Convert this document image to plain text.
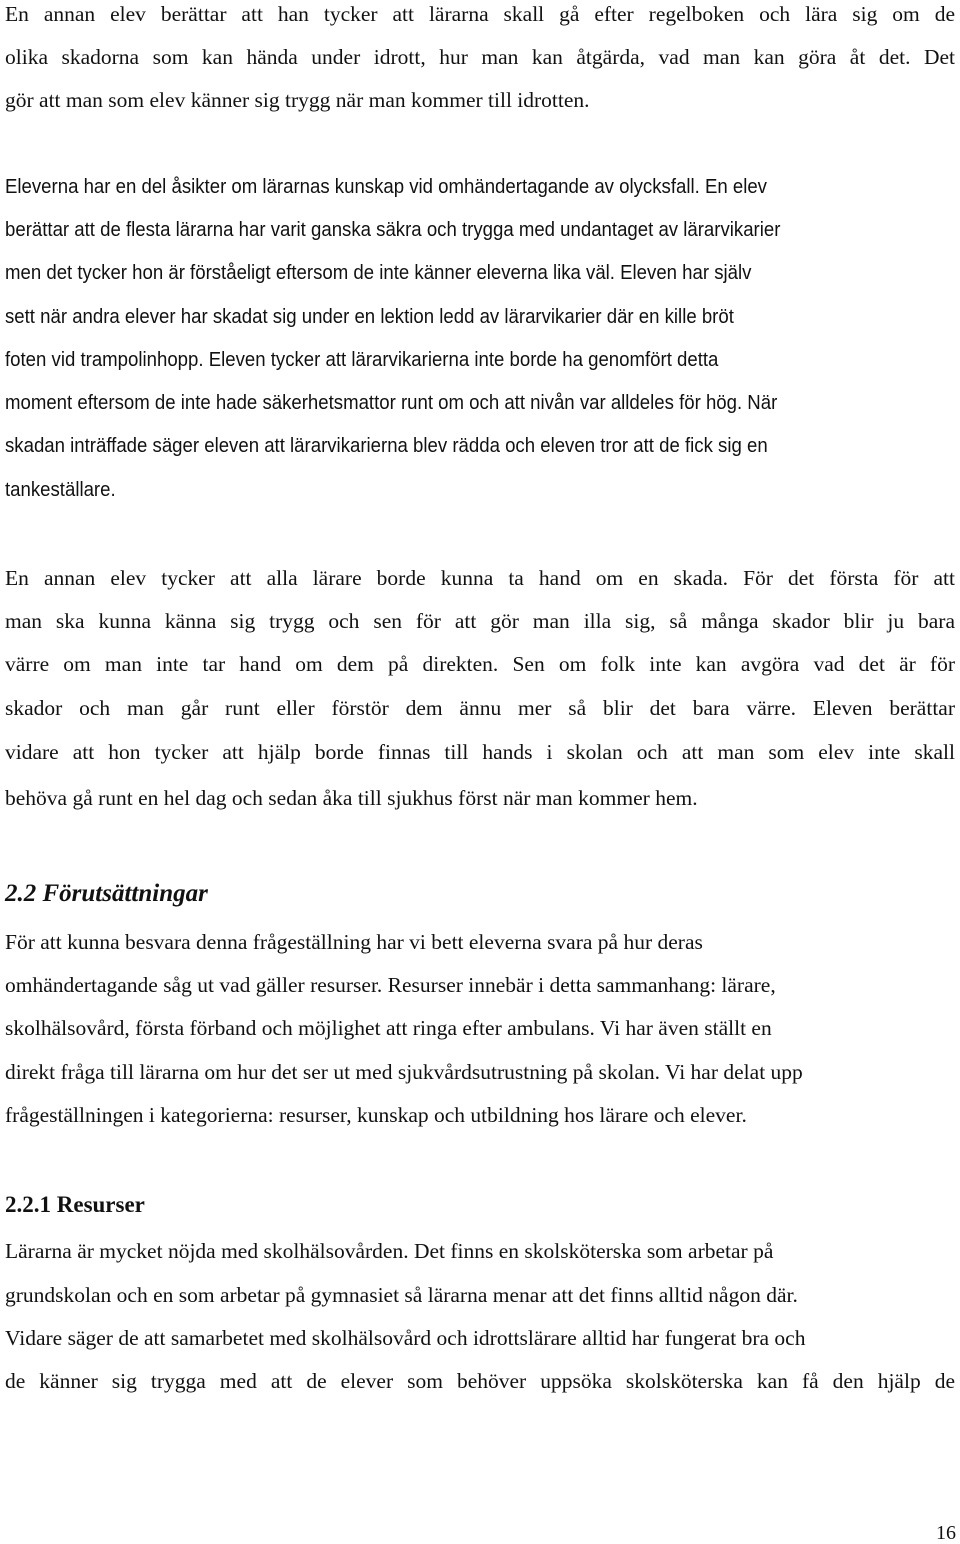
En annan elev berättar att han tycker att lärarna skall gå efter regelboken och lära sig om de
olika skadorna som kan hända under idrott, hur man kan åtgärda, vad man kan göra åt det. Det
gör att man som elev känner sig trygg när man kommer till idrotten.
Eleverna har en del åsikter om lärarnas kunskap vid omhändertagande av olycksfall. En elev
berättar att de flesta lärarna har varit ganska säkra och trygga med undantaget av lärarvikarier
men det tycker hon är förståeligt eftersom de inte känner eleverna lika väl. Eleven har själv
sett när andra elever har skadat sig under en lektion ledd av lärarvikarier där en kille bröt
foten vid trampolinhopp. Eleven tycker att lärarvikarierna inte borde ha genomfört detta
moment eftersom de inte hade säkerhetsmattor runt om och att nivån var alldeles för hög. När
skadan inträffade säger eleven att lärarvikarierna blev rädda och eleven tror att de fick sig en
tankeställare.
En annan elev tycker att alla lärare borde kunna ta hand om en skada. För det första för att
man ska kunna känna sig trygg och sen för att gör man illa sig, så många skador blir ju bara
värre om man inte tar hand om dem på direkten. Sen om folk inte kan avgöra vad det är för
skador och man går runt eller förstör dem ännu mer så blir det bara värre. Eleven berättar
vidare att hon tycker att hjälp borde finnas till hands i skolan och att man som elev inte skall
behöva gå runt en hel dag och sedan åka till sjukhus först när man kommer hem.
2.2 Förutsättningar
För att kunna besvara denna frågeställning har vi bett eleverna svara på hur deras
omhändertagande såg ut vad gäller resurser. Resurser innebär i detta sammanhang: lärare,
skolhälsovård, första förband och möjlighet att ringa efter ambulans. Vi har även ställt en
direkt fråga till lärarna om hur det ser ut med sjukvårdsutrustning på skolan. Vi har delat upp
frågeställningen i kategorierna: resurser, kunskap och utbildning hos lärare och elever.
2.2.1 Resurser
Lärarna är mycket nöjda med skolhälsovården. Det finns en skolsköterska som arbetar på
grundskolan och en som arbetar på gymnasiet så lärarna menar att det finns alltid någon där.
Vidare säger de att samarbetet med skolhälsovård och idrottslärare alltid har fungerat bra och
de känner sig trygga med att de elever som behöver uppsöka skolsköterska kan få den hjälp de
16
